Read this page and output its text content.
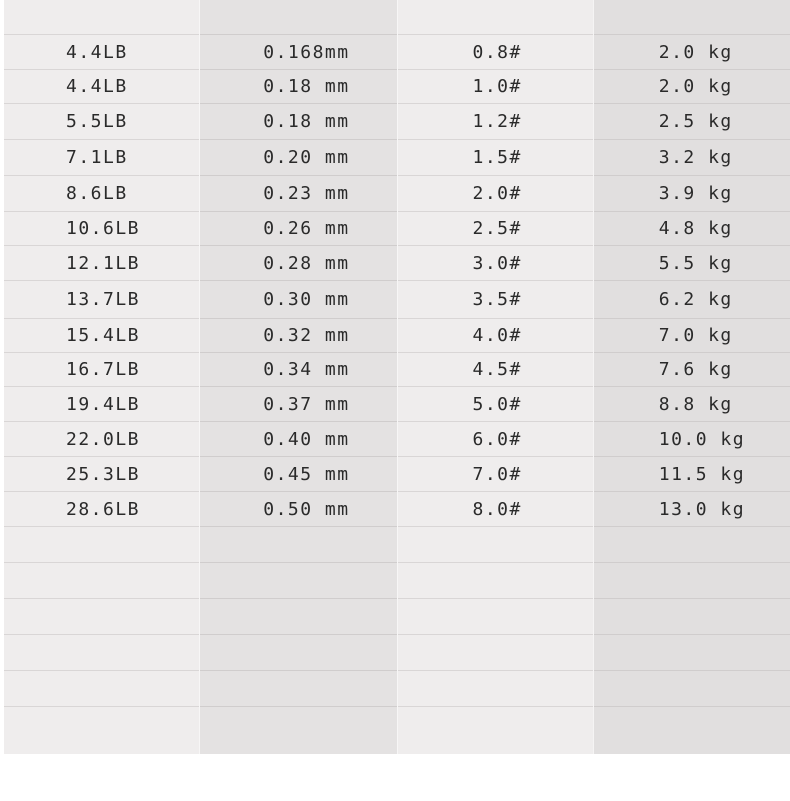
4.4LB
4.4LB
5.5LB
7.1LB
8.6LB
10.6LB
12.1LB
13.7LB
15.4LB
16.7LB
19.4LB
22.0LB
25.3LB
28.6LB
0.168mm
0.18 mm
0.18 mm
0.20 mm
0.23 mm
0.26 mm
0.28 mm
0.30 mm
0.32 mm
0.34 mm
0.37 mm
0.40 mm
0.45 mm
0.50 mm
0.8#
1.0#
1.2#
1.5#
2.0#
2.5#
3.0#
3.5#
4.0#
4.5#
5.0#
6.0#
7.0#
8.0#
2.0 kg
2.0 kg
2.5 kg
3.2 kg
3.9 kg
4.8 kg
5.5 kg
6.2 kg
7.0 kg
7.6 kg
8.8 kg
10.0 kg
11.5 kg
13.0 kg
